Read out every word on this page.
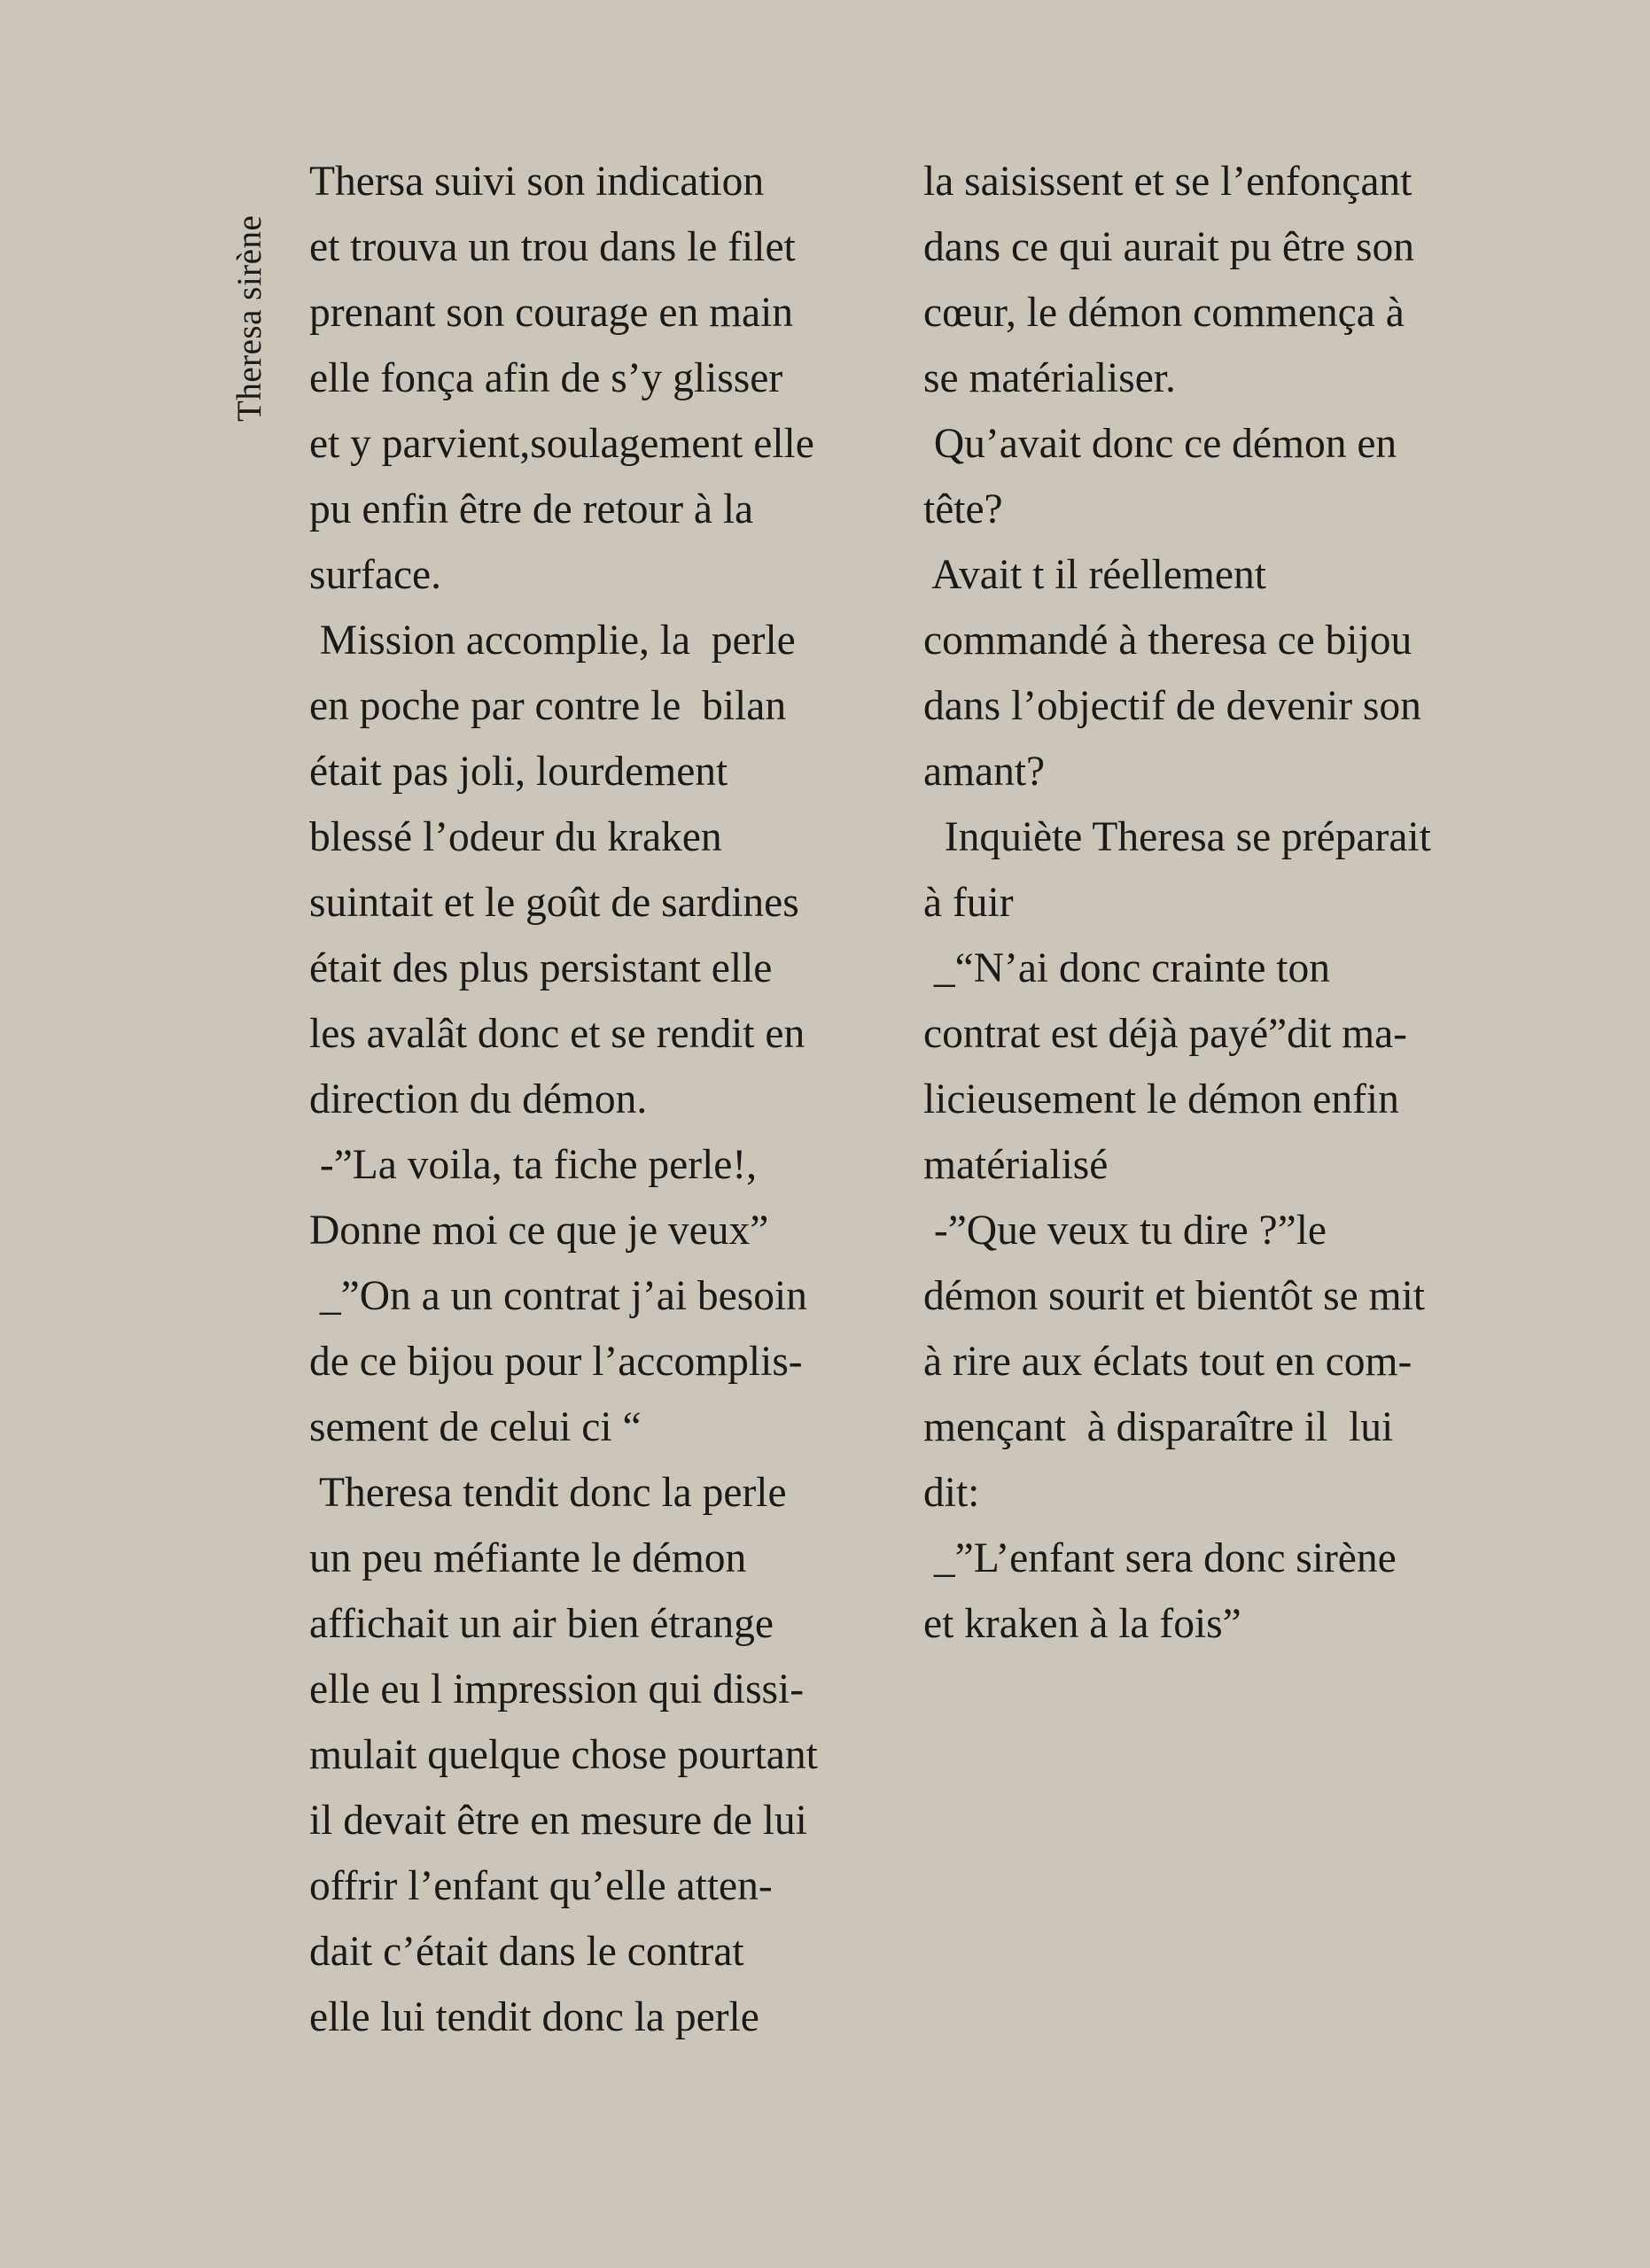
Theresa sirène
Thersa suivi son indication
et trouva un trou dans le filet
prenant son courage en main
elle fonça afin de s’y glisser
et y parvient,soulagement elle
pu enfin être de retour à la
surface.
Mission accomplie, la  perle
en poche par contre le  bilan
était pas joli, lourdement
blessé l’odeur du kraken
suintait et le goût de sardines
était des plus persistant elle
les avalât donc et se rendit en
direction du démon.
-”La voila, ta fiche perle!,
Donne moi ce que je veux”
_”On a un contrat j’ai besoin
de ce bijou pour l’accomplis-
sement de celui ci “
Theresa tendit donc la perle
un peu méfiante le démon
affichait un air bien étrange
elle eu l impression qui dissi-
mulait quelque chose pourtant
il devait être en mesure de lui
offrir l’enfant qu’elle atten-
dait c’était dans le contrat
elle lui tendit donc la perle
la saisissent et se l’enfonçant
dans ce qui aurait pu être son
cœur, le démon commença à
se matérialiser.
Qu’avait donc ce démon en
tête?
Avait t il réellement
commandé à theresa ce bijou
dans l’objectif de devenir son
amant?
Inquiète Theresa se préparait
à fuir
_“N’ai donc crainte ton
contrat est déjà payé”dit ma-
licieusement le démon enfin
matérialisé
-”Que veux tu dire ?”le
démon sourit et bientôt se mit
à rire aux éclats tout en com-
mençant  à disparaître il  lui
dit:
_”L’enfant sera donc sirène
et kraken à la fois”
